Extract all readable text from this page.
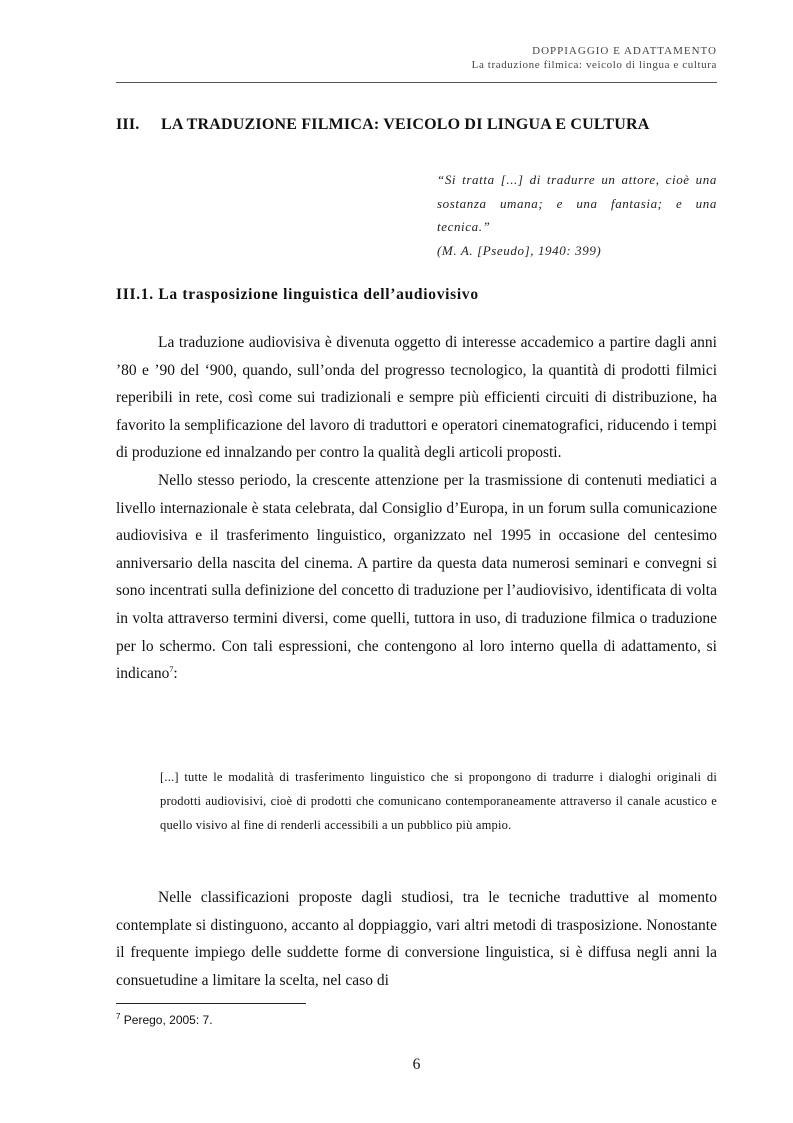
DOPPIAGGIO E ADATTAMENTO
La traduzione filmica: veicolo di lingua e cultura
III. LA TRADUZIONE FILMICA: VEICOLO DI LINGUA E CULTURA
“Si tratta [...] di tradurre un attore, cioè una sostanza umana; e una fantasia; e una tecnica.”
(M. A. [Pseudo], 1940: 399)
III.1. La trasposizione linguistica dell’audiovisivo

La traduzione audiovisiva è divenuta oggetto di interesse accademico a partire dagli anni ’80 e ’90 del ‘900, quando, sull’onda del progresso tecnologico, la quantità di prodotti filmici reperibili in rete, così come sui tradizionali e sempre più efficienti circuiti di distribuzione, ha favorito la semplificazione del lavoro di traduttori e operatori cinematografici, riducendo i tempi di produzione ed innalzando per contro la qualità degli articoli proposti.

Nello stesso periodo, la crescente attenzione per la trasmissione di contenuti mediatici a livello internazionale è stata celebrata, dal Consiglio d’Europa, in un forum sulla comunicazione audiovisiva e il trasferimento linguistico, organizzato nel 1995 in occasione del centesimo anniversario della nascita del cinema. A partire da questa data numerosi seminari e convegni si sono incentrati sulla definizione del concetto di traduzione per l’audiovisivo, identificata di volta in volta attraverso termini diversi, come quelli, tuttora in uso, di traduzione filmica o traduzione per lo schermo. Con tali espressioni, che contengono al loro interno quella di adattamento, si indicano$^7$:

[...] tutte le modalità di trasferimento linguistico che si propongono di tradurre i dialoghi originali di prodotti audiovisivi, cioè di prodotti che comunicano contemporaneamente attraverso il canale acustico e quello visivo al fine di renderli accessibili a un pubblico più ampio.

Nelle classificazioni proposte dagli studiosi, tra le tecniche traduttive al momento contemplate si distinguono, accanto al doppiaggio, vari altri metodi di trasposizione. Nonostante il frequente impiego delle suddette forme di conversione linguistica, si è diffusa negli anni la consuetudine a limitare la scelta, nel caso di

$^7$ Perego, 2005: 7.
6
